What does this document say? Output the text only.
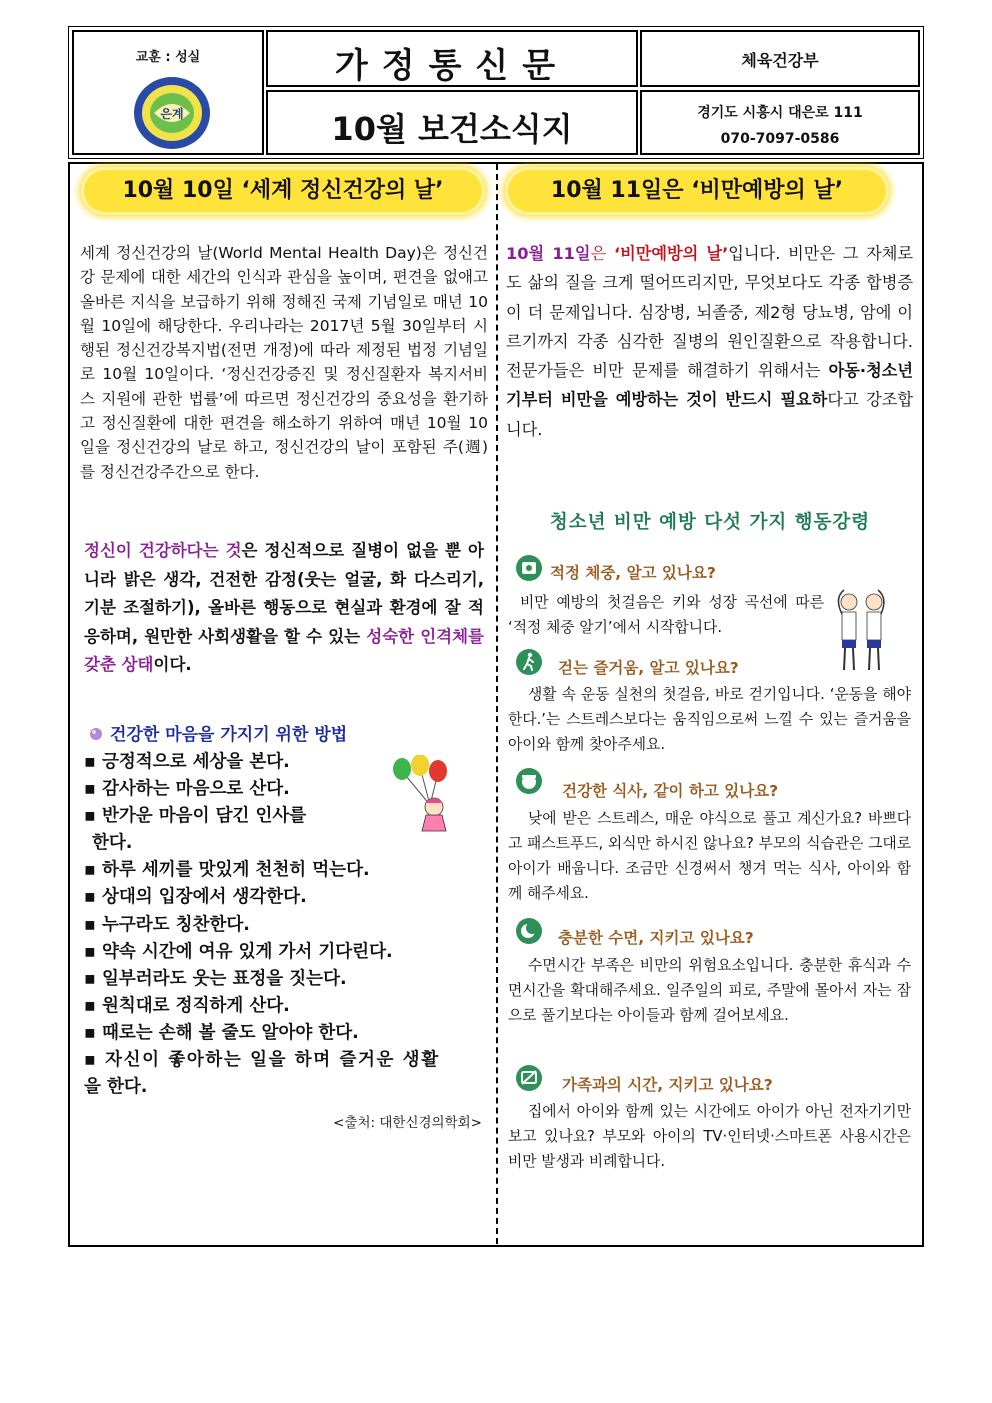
교훈 : 성실
은계
가정통신문
10월 보건소식지
체육건강부
경기도 시흥시 대은로 111
070-7097-0586
10월 10일 ‘세계 정신건강의 날’
세계 정신건강의 날(World Mental Health Day)은 정신건강 문제에 대한 세간의 인식과 관심을 높이며, 편견을 없애고 올바른 지식을 보급하기 위해 정해진 국제 기념일로 매년 10월 10일에 해당한다. 우리나라는 2017년 5월 30일부터 시행된 정신건강복지법(전면 개정)에 따라 제정된 법정 기념일로 10월 10일이다. ‘정신건강증진 및 정신질환자 복지서비스 지원에 관한 법률’에 따르면 정신건강의 중요성을 환기하고 정신질환에 대한 편견을 해소하기 위하여 매년 10월 10일을 정신건강의 날로 하고, 정신건강의 날이 포함된 주(週)를 정신건강주간으로 한다.
정신이 건강하다는 것은 정신적으로 질병이 없을 뿐 아니라 밝은 생각, 건전한 감정(웃는 얼굴, 화 다스리기, 기분 조절하기), 올바른 행동으로 현실과 환경에 잘 적응하며, 원만한 사회생활을 할 수 있는 성숙한 인격체를 갖춘 상태이다.
건강한 마음을 가지기 위한 방법
▪ 긍정적으로 세상을 본다.
▪ 감사하는 마음으로 산다.
▪ 반가운 마음이 담긴 인사를
한다.
▪ 하루 세끼를 맛있게 천천히 먹는다.
▪ 상대의 입장에서 생각한다.
▪ 누구라도 칭찬한다.
▪ 약속 시간에 여유 있게 가서 기다린다.
▪ 일부러라도 웃는 표정을 짓는다.
▪ 원칙대로 정직하게 산다.
▪ 때로는 손해 볼 줄도 알아야 한다.
▪ 자신이 좋아하는 일을 하며 즐거운 생활
을 한다.
<출처: 대한신경의학회>
10월 11일은 ‘비만예방의 날’
10월 11일은 ‘비만예방의 날’입니다. 비만은 그 자체로도 삶의 질을 크게 떨어뜨리지만, 무엇보다도 각종 합병증이 더 문제입니다. 심장병, 뇌졸중, 제2형 당뇨병, 암에 이르기까지 각종 심각한 질병의 원인질환으로 작용합니다. 전문가들은 비만 문제를 해결하기 위해서는 아동·청소년기부터 비만을 예방하는 것이 반드시 필요하다고 강조합니다.
청소년 비만 예방 다섯 가지 행동강령
적정 체중, 알고 있나요?
비만 예방의 첫걸음은 키와 성장 곡선에 따른 ‘적정 체중 알기’에서 시작합니다.
걷는 즐거움, 알고 있나요?
생활 속 운동 실천의 첫걸음, 바로 걷기입니다. ‘운동을 해야 한다.’는 스트레스보다는 움직임으로써 느낄 수 있는 즐거움을 아이와 함께 찾아주세요.
건강한 식사, 같이 하고 있나요?
낮에 받은 스트레스, 매운 야식으로 풀고 계신가요? 바쁘다고 패스트푸드, 외식만 하시진 않나요? 부모의 식습관은 그대로 아이가 배웁니다. 조금만 신경써서 챙겨 먹는 식사, 아이와 함께 해주세요.
충분한 수면, 지키고 있나요?
수면시간 부족은 비만의 위험요소입니다. 충분한 휴식과 수면시간을 확대해주세요. 일주일의 피로, 주말에 몰아서 자는 잠으로 풀기보다는 아이들과 함께 걸어보세요.
가족과의 시간, 지키고 있나요?
집에서 아이와 함께 있는 시간에도 아이가 아닌 전자기기만 보고 있나요? 부모와 아이의 TV·인터넷·스마트폰 사용시간은 비만 발생과 비례합니다.
